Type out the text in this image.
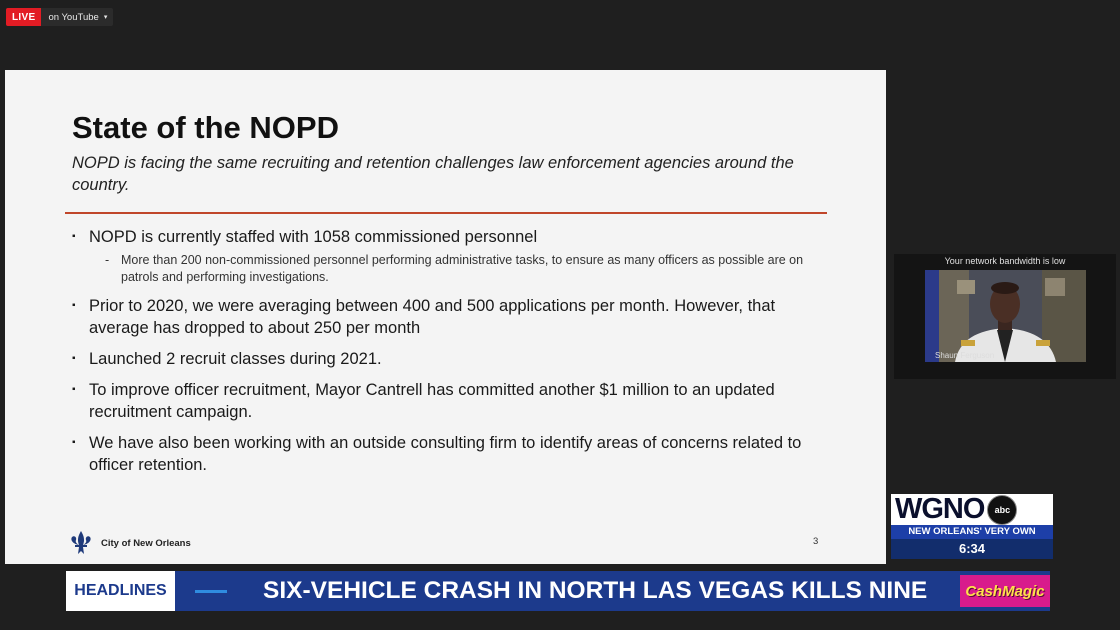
LIVE	on YouTube ▾
State of the NOPD

NOPD is facing the same recruiting and retention challenges law enforcement agencies around the country.

▪ NOPD is currently staffed with 1058 commissioned personnel
- More than 200 non-commissioned personnel performing administrative tasks, to ensure as many officers as possible are on patrols and performing investigations.
▪ Prior to 2020, we were averaging between 400 and 500 applications per month. However, that average has dropped to about 250 per month
▪ Launched 2 recruit classes during 2021.
▪ To improve officer recruitment, Mayor Cantrell has committed another $1 million to an updated recruitment campaign.
▪ We have also been working with an outside consulting firm to identify areas of concerns related to officer retention.
City of New Orleans	3
Your network bandwidth is low
Shaun Ferguson
WGNO	abc
NEW ORLEANS' VERY OWN
6:34
HEADLINES	SIX-VEHICLE CRASH IN NORTH LAS VEGAS KILLS NINE	CashMagic
